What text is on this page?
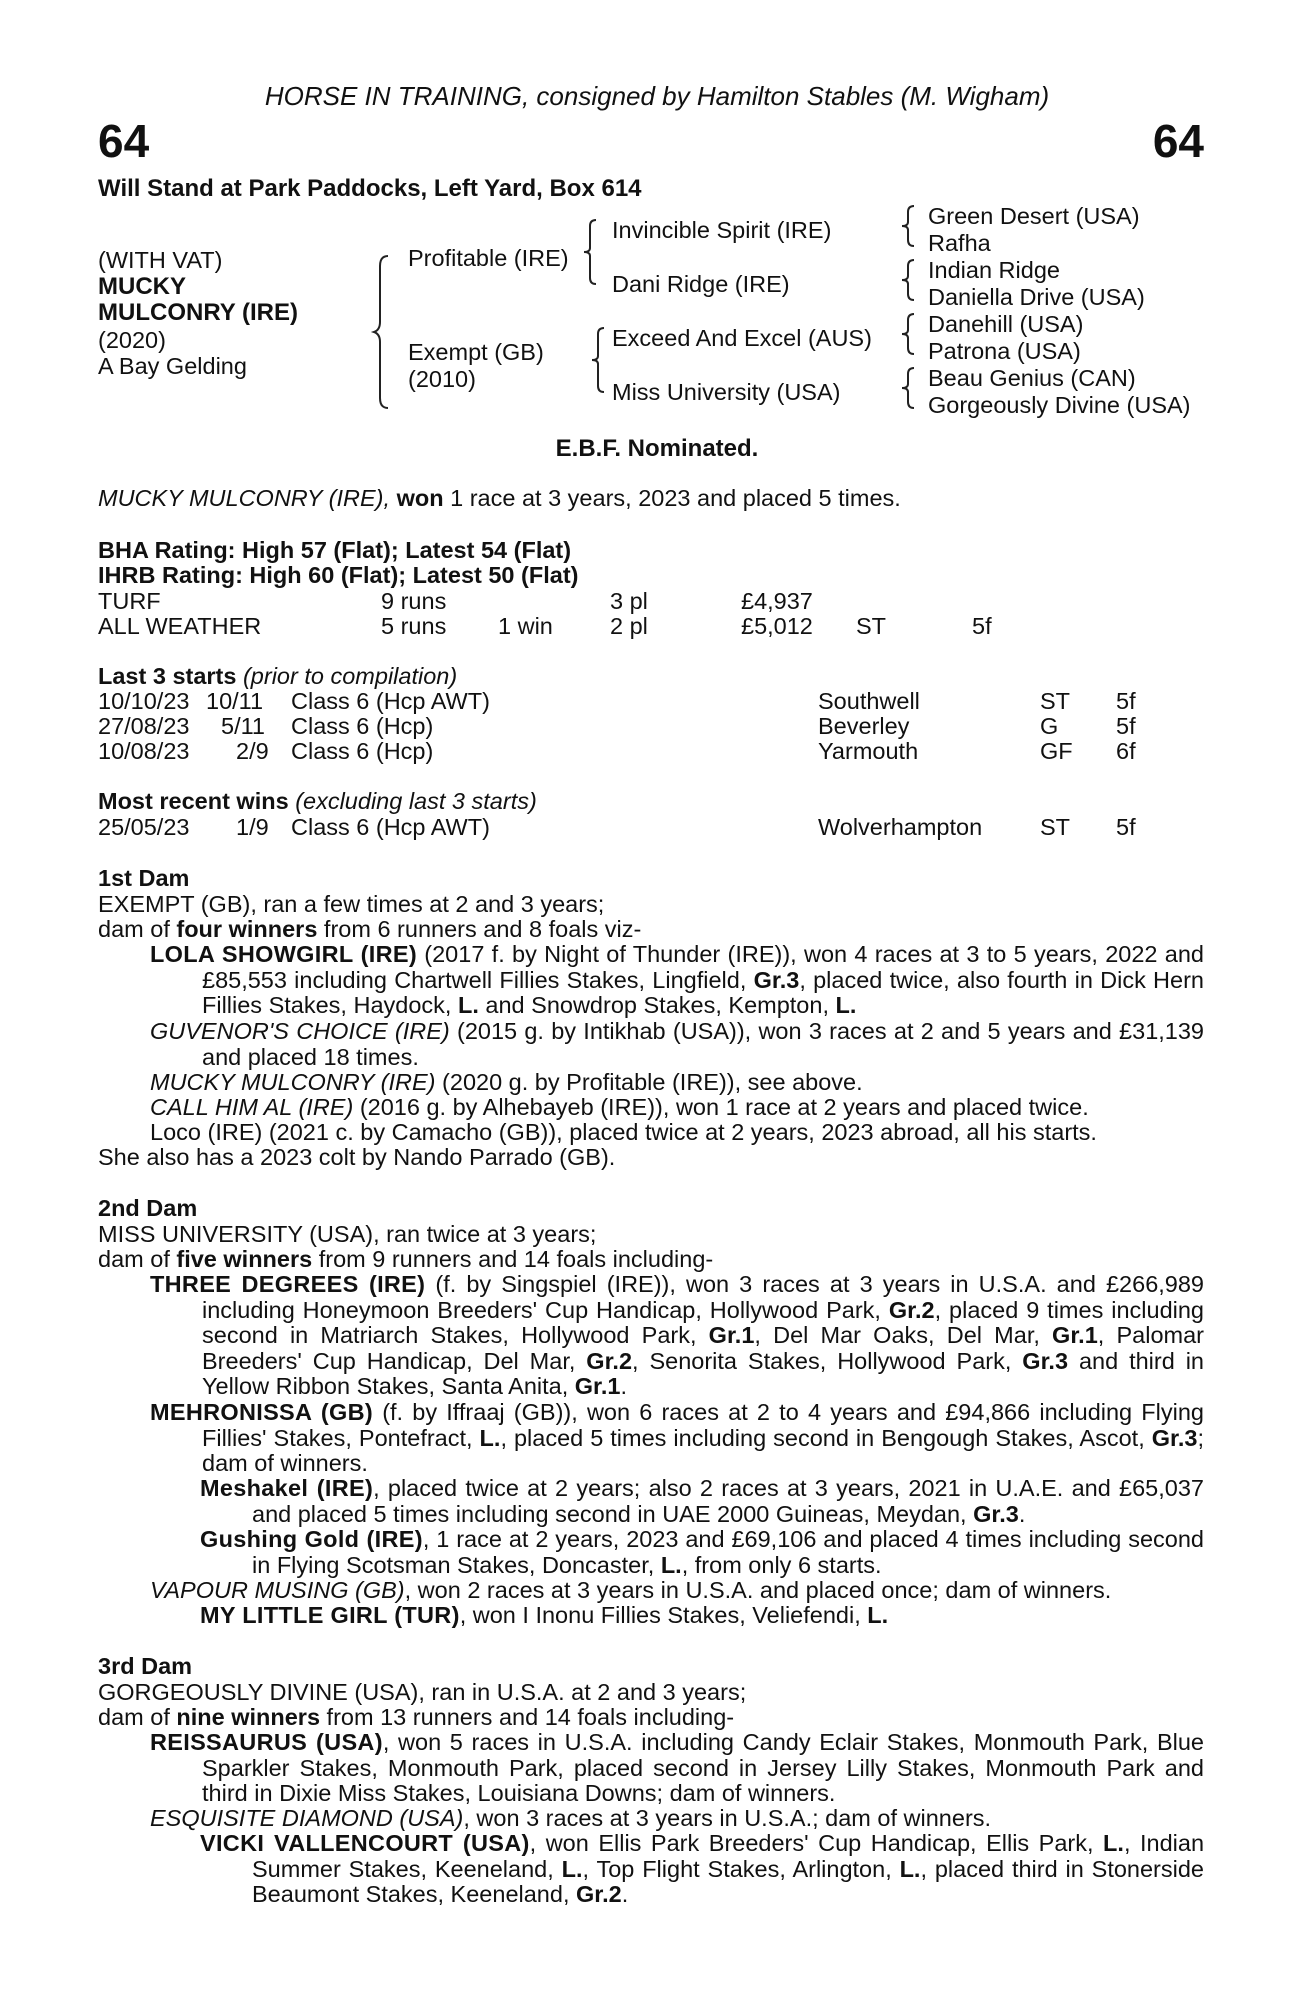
HORSE IN TRAINING, consigned by Hamilton Stables (M. Wigham)
64	64
Will Stand at Park Paddocks, Left Yard, Box 614
(WITH VAT)
MUCKY
MULCONRY (IRE)
(2020)
A Bay Gelding
Profitable (IRE)
Exempt (GB)
(2010)
Invincible Spirit (IRE)
Dani Ridge (IRE)
Exceed And Excel (AUS)
Miss University (USA)
Green Desert (USA)
Rafha
Indian Ridge
Daniella Drive (USA)
Danehill (USA)
Patrona (USA)
Beau Genius (CAN)
Gorgeously Divine (USA)
E.B.F. Nominated.
MUCKY MULCONRY (IRE), won 1 race at 3 years, 2023 and placed 5 times.
BHA Rating: High 57 (Flat); Latest 54 (Flat)
IHRB Rating: High 60 (Flat); Latest 50 (Flat)
TURF	9 runs	3 pl	£4,937
ALL WEATHER	5 runs 1 win 2 pl	£5,012 ST	5f
Last 3 starts (prior to compilation)
10/10/23 10/11 Class 6 (Hcp AWT)	Southwell	ST 5f
27/08/23 5/11 Class 6 (Hcp)	Beverley	G 5f
10/08/23 2/9 Class 6 (Hcp)	Yarmouth	GF 6f
Most recent wins (excluding last 3 starts)
25/05/23 1/9 Class 6 (Hcp AWT)	Wolverhampton ST 5f
1st Dam
EXEMPT (GB), ran a few times at 2 and 3 years;
dam of four winners from 6 runners and 8 foals viz-
LOLA SHOWGIRL (IRE) (2017 f. by Night of Thunder (IRE)), won 4 races at 3 to 5 years, 2022 and £85,553 including Chartwell Fillies Stakes, Lingfield, Gr.3, placed twice, also fourth in Dick Hern Fillies Stakes, Haydock, L. and Snowdrop Stakes, Kempton, L.
GUVENOR'S CHOICE (IRE) (2015 g. by Intikhab (USA)), won 3 races at 2 and 5 years and £31,139 and placed 18 times.
MUCKY MULCONRY (IRE) (2020 g. by Profitable (IRE)), see above.
CALL HIM AL (IRE) (2016 g. by Alhebayeb (IRE)), won 1 race at 2 years and placed twice.
Loco (IRE) (2021 c. by Camacho (GB)), placed twice at 2 years, 2023 abroad, all his starts.
She also has a 2023 colt by Nando Parrado (GB).
2nd Dam
MISS UNIVERSITY (USA), ran twice at 3 years;
dam of five winners from 9 runners and 14 foals including-
THREE DEGREES (IRE) (f. by Singspiel (IRE)), won 3 races at 3 years in U.S.A. and £266,989 including Honeymoon Breeders' Cup Handicap, Hollywood Park, Gr.2, placed 9 times including second in Matriarch Stakes, Hollywood Park, Gr.1, Del Mar Oaks, Del Mar, Gr.1, Palomar Breeders' Cup Handicap, Del Mar, Gr.2, Senorita Stakes, Hollywood Park, Gr.3 and third in Yellow Ribbon Stakes, Santa Anita, Gr.1.
MEHRONISSA (GB) (f. by Iffraaj (GB)), won 6 races at 2 to 4 years and £94,866 including Flying Fillies' Stakes, Pontefract, L., placed 5 times including second in Bengough Stakes, Ascot, Gr.3; dam of winners.
Meshakel (IRE), placed twice at 2 years; also 2 races at 3 years, 2021 in U.A.E. and £65,037 and placed 5 times including second in UAE 2000 Guineas, Meydan, Gr.3.
Gushing Gold (IRE), 1 race at 2 years, 2023 and £69,106 and placed 4 times including second in Flying Scotsman Stakes, Doncaster, L., from only 6 starts.
VAPOUR MUSING (GB), won 2 races at 3 years in U.S.A. and placed once; dam of winners.
MY LITTLE GIRL (TUR), won I Inonu Fillies Stakes, Veliefendi, L.
3rd Dam
GORGEOUSLY DIVINE (USA), ran in U.S.A. at 2 and 3 years;
dam of nine winners from 13 runners and 14 foals including-
REISSAURUS (USA), won 5 races in U.S.A. including Candy Eclair Stakes, Monmouth Park, Blue Sparkler Stakes, Monmouth Park, placed second in Jersey Lilly Stakes, Monmouth Park and third in Dixie Miss Stakes, Louisiana Downs; dam of winners.
ESQUISITE DIAMOND (USA), won 3 races at 3 years in U.S.A.; dam of winners.
VICKI VALLENCOURT (USA), won Ellis Park Breeders' Cup Handicap, Ellis Park, L., Indian Summer Stakes, Keeneland, L., Top Flight Stakes, Arlington, L., placed third in Stonerside Beaumont Stakes, Keeneland, Gr.2.
